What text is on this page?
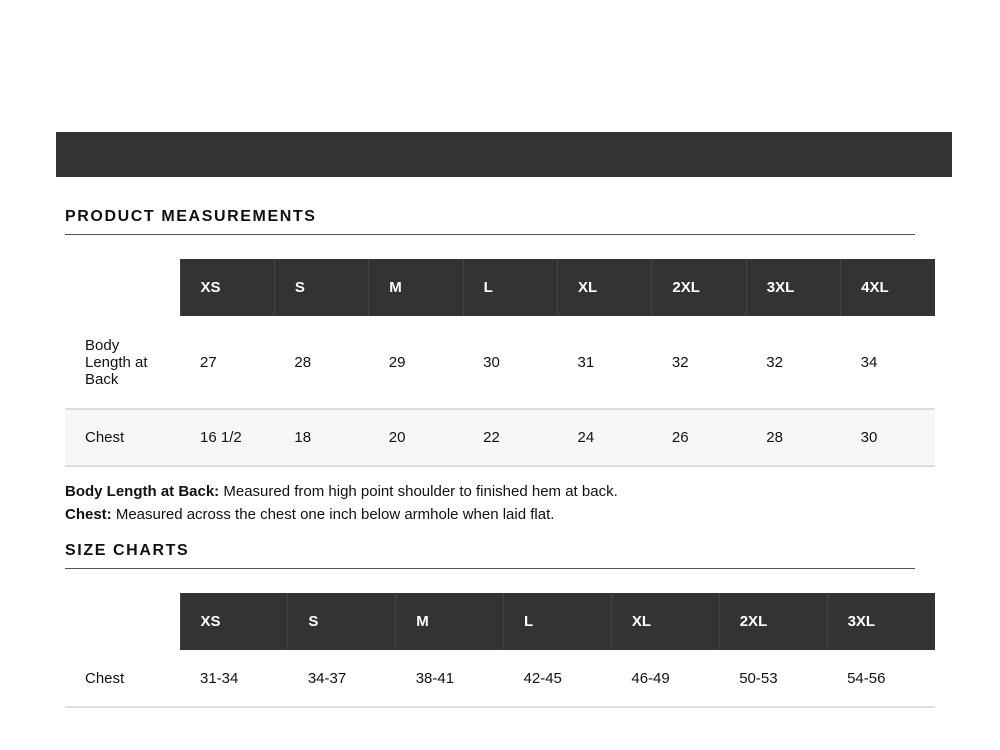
PRODUCT MEASUREMENTS
	XS	S	M	L	XL	2XL	3XL	4XL
Body Length at Back	27	28	29	30	31	32	32	34
Chest	16 1/2	18	20	22	24	26	28	30

Body Length at Back: Measured from high point shoulder to finished hem at back.

Chest: Measured across the chest one inch below armhole when laid flat.

SIZE CHARTS
	XS	S	M	L	XL	2XL	3XL
Chest	31-34	34-37	38-41	42-45	46-49	50-53	54-56
